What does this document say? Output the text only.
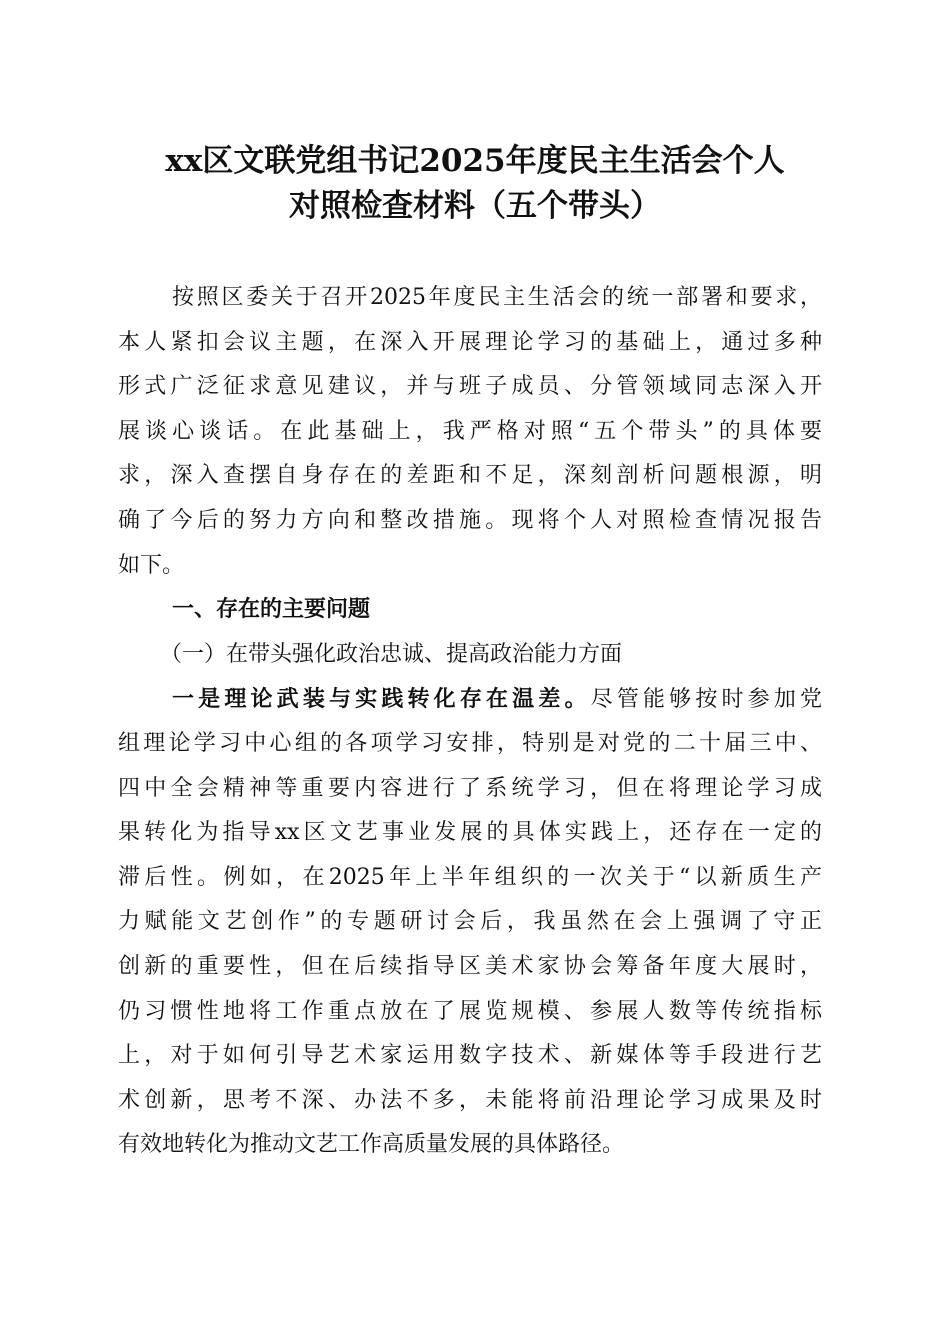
xx区文联党组书记2025年度民主生活会个人
对照检查材料（五个带头）
按照区委关于召开2025年度民主生活会的统一部署和要求，
本人紧扣会议主题，在深入开展理论学习的基础上，通过多种
形式广泛征求意见建议，并与班子成员、分管领域同志深入开
展谈心谈话。在此基础上，我严格对照“五个带头”的具体要
求，深入查摆自身存在的差距和不足，深刻剖析问题根源，明
确了今后的努力方向和整改措施。现将个人对照检查情况报告
如下。
一、存在的主要问题
（一）在带头强化政治忠诚、提高政治能力方面
一是理论武装与实践转化存在温差。尽管能够按时参加党
组理论学习中心组的各项学习安排，特别是对党的二十届三中、
四中全会精神等重要内容进行了系统学习，但在将理论学习成
果转化为指导xx区文艺事业发展的具体实践上，还存在一定的
滞后性。例如，在2025年上半年组织的一次关于“以新质生产
力赋能文艺创作”的专题研讨会后，我虽然在会上强调了守正
创新的重要性，但在后续指导区美术家协会筹备年度大展时，
仍习惯性地将工作重点放在了展览规模、参展人数等传统指标
上，对于如何引导艺术家运用数字技术、新媒体等手段进行艺
术创新，思考不深、办法不多，未能将前沿理论学习成果及时
有效地转化为推动文艺工作高质量发展的具体路径。
